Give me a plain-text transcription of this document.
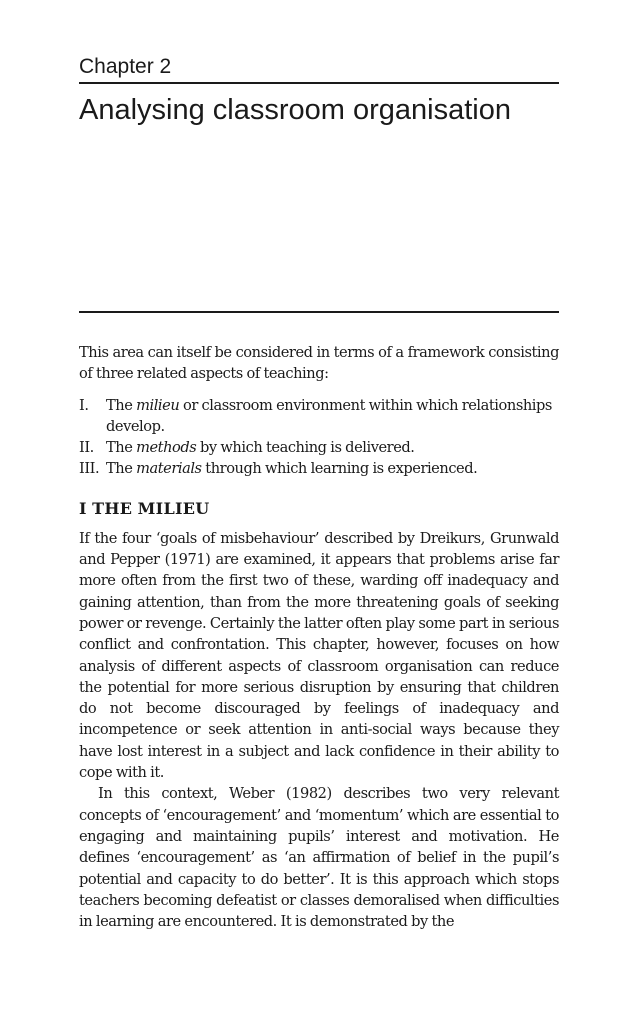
Chapter 2
Analysing classroom organisation

This area can itself be considered in terms of a framework consisting of three related aspects of teaching:

I.	The milieu or classroom environment within which relationships develop.
II. The methods by which teaching is delivered.
III. The materials through which learning is experienced.
I THE MILIEU

If the four ‘goals of misbehaviour’ described by Dreikurs, Grunwald and Pepper (1971) are examined, it appears that problems arise far more often from the first two of these, warding off inadequacy and gaining attention, than from the more threatening goals of seeking power or revenge. Certainly the latter often play some part in serious conflict and confrontation. This chapter, however, focuses on how analysis of different aspects of classroom organisation can reduce the potential for more serious disruption by ensuring that children do not become discouraged by feelings of inadequacy and incompetence or seek attention in anti-social ways because they have lost interest in a subject and lack confidence in their ability to cope with it.

In this context, Weber (1982) describes two very relevant concepts of ‘encouragement’ and ‘momentum’ which are essential to engaging and maintaining pupils’ interest and motivation. He defines ‘encouragement’ as ‘an affirmation of belief in the pupil’s potential and capacity to do better’. It is this approach which stops teachers becoming defeatist or classes demoralised when difficulties in learning are encountered. It is demonstrated by the
